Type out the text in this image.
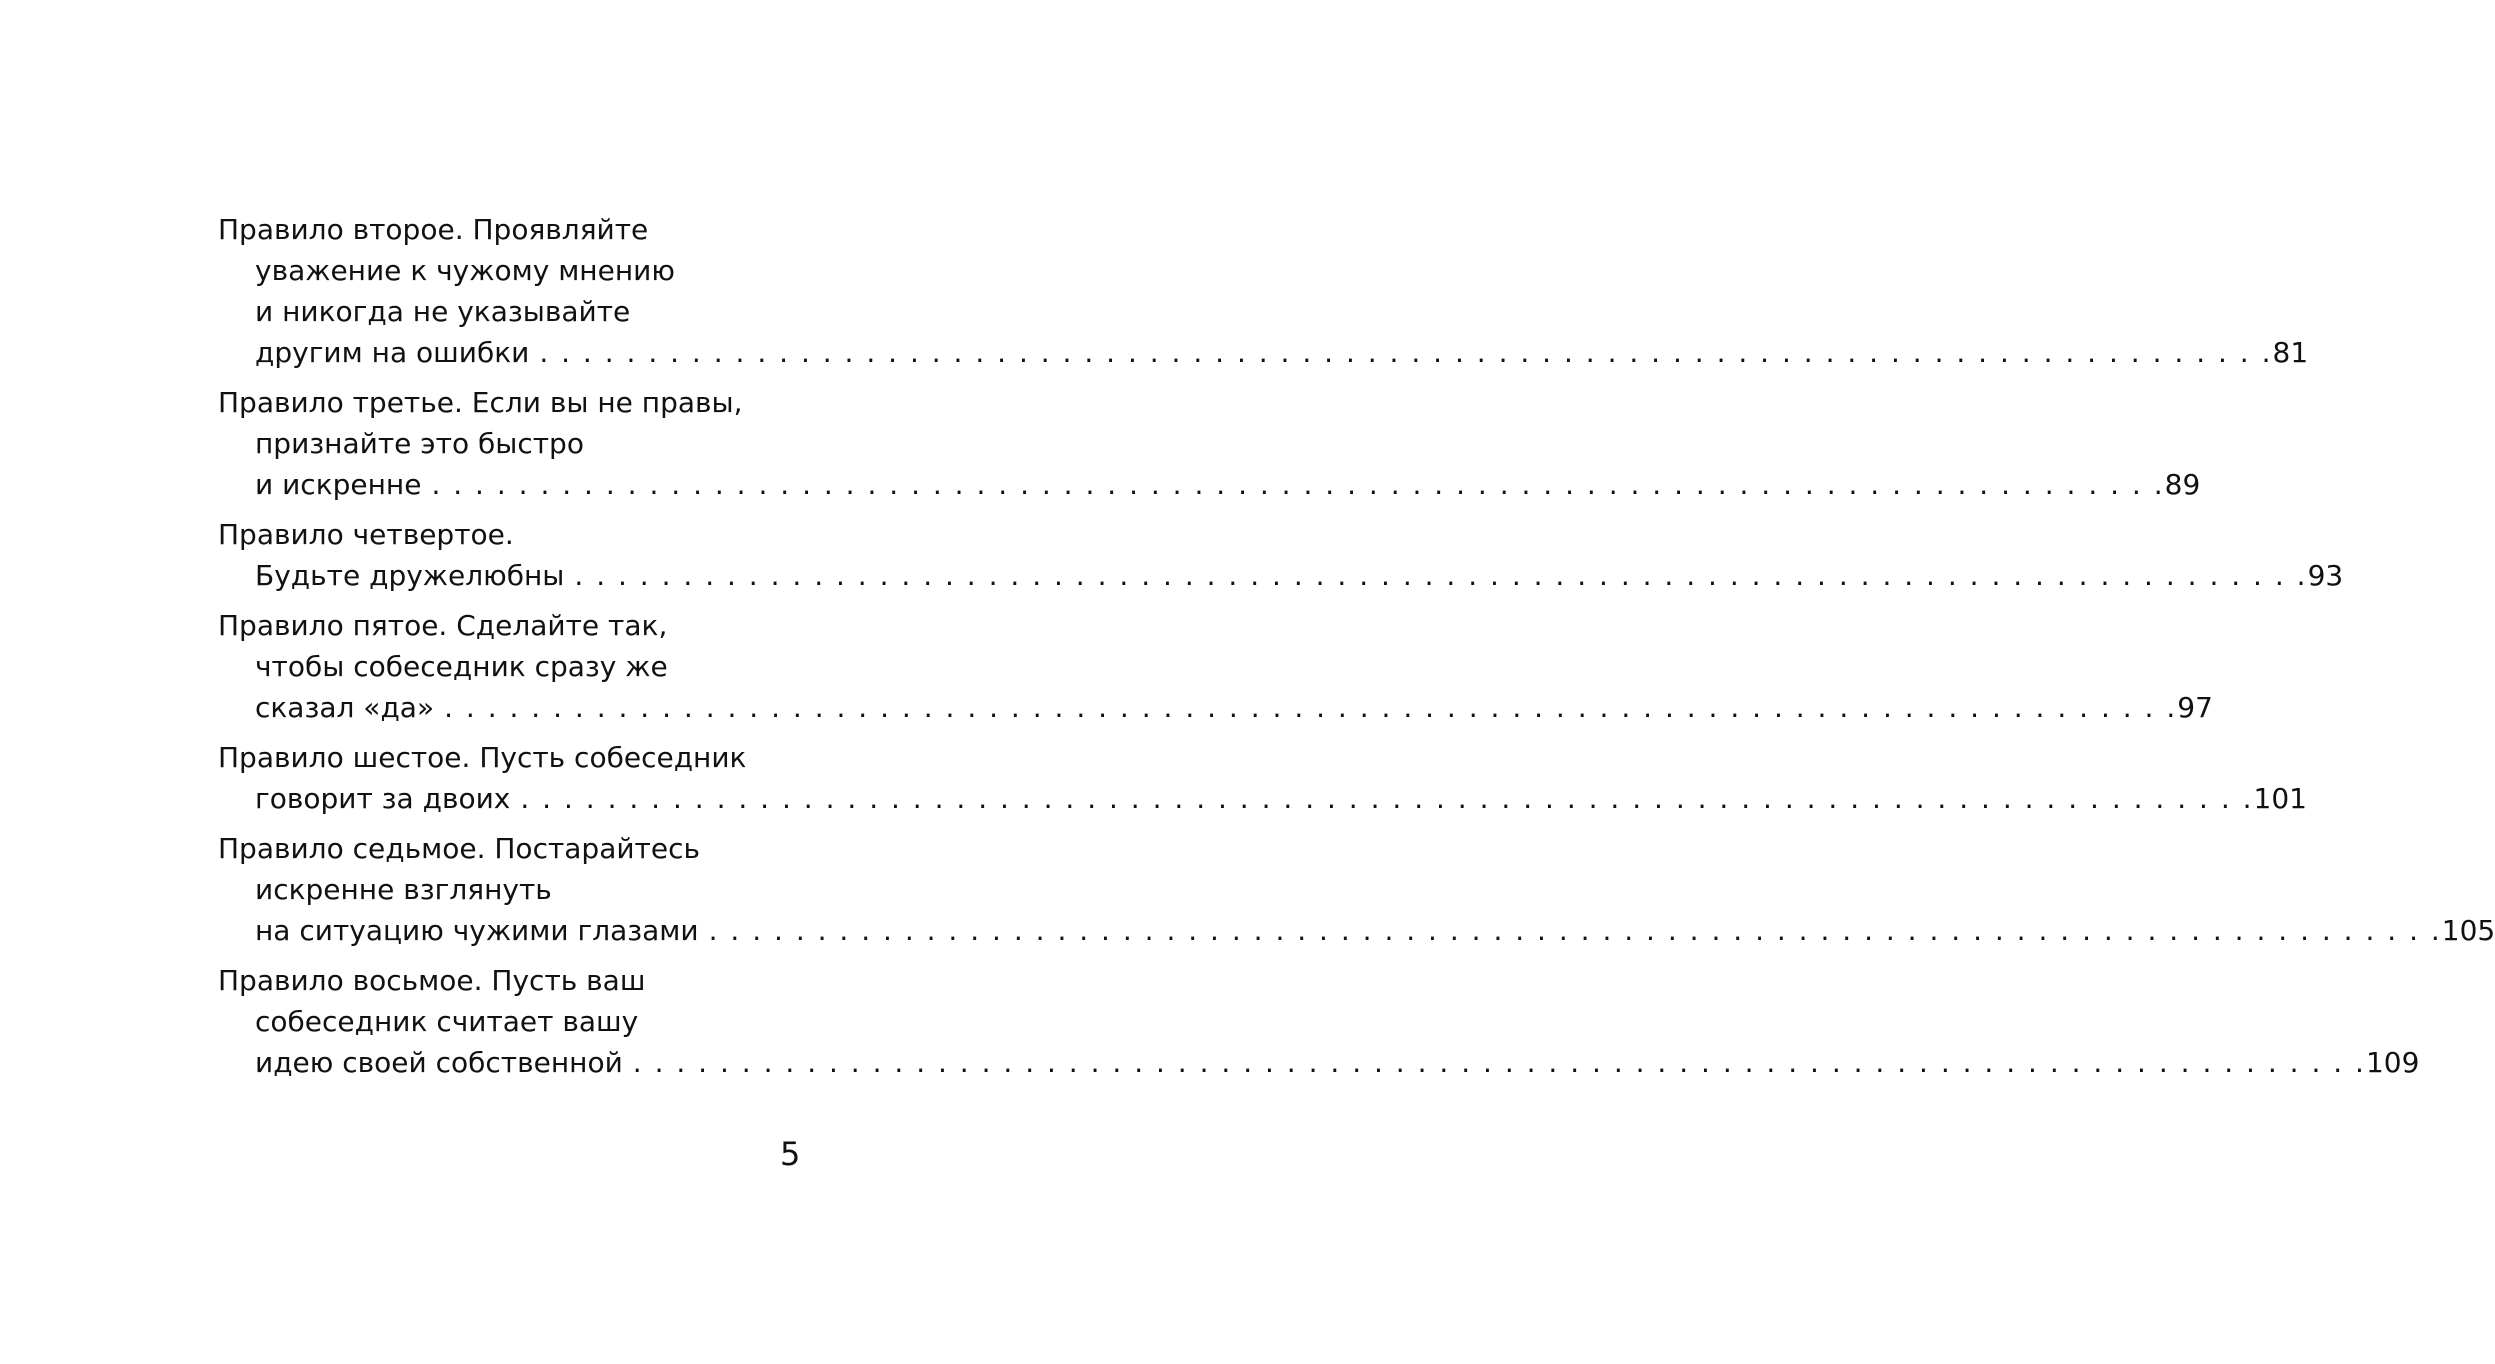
Правило второе. Проявляйте
уважение к чужому мнению
и никогда не указывайте
другим на ошибки . . . . . . . . . . . . . . . . . . . . . . . . . . . . . . . . . . . . . . . . . . . . . . . . . . . . . . . . . . . . . . . . . . . . . . . . . . . . . . . . 81
Правило третье. Если вы не правы,
признайте это быстро
и искренне . . . . . . . . . . . . . . . . . . . . . . . . . . . . . . . . . . . . . . . . . . . . . . . . . . . . . . . . . . . . . . . . . . . . . . . . . . . . . . . . 89
Правило четвертое.
Будьте дружелюбны . . . . . . . . . . . . . . . . . . . . . . . . . . . . . . . . . . . . . . . . . . . . . . . . . . . . . . . . . . . . . . . . . . . . . . . . . . . . . . . . 93
Правило пятое. Сделайте так,
чтобы собеседник сразу же
сказал «да» . . . . . . . . . . . . . . . . . . . . . . . . . . . . . . . . . . . . . . . . . . . . . . . . . . . . . . . . . . . . . . . . . . . . . . . . . . . . . . . . 97
Правило шестое. Пусть собеседник
говорит за двоих . . . . . . . . . . . . . . . . . . . . . . . . . . . . . . . . . . . . . . . . . . . . . . . . . . . . . . . . . . . . . . . . . . . . . . . . . . . . . . . . 101
Правило седьмое. Постарайтесь
искренне взглянуть
на ситуацию чужими глазами . . . . . . . . . . . . . . . . . . . . . . . . . . . . . . . . . . . . . . . . . . . . . . . . . . . . . . . . . . . . . . . . . . . . . . . . . . . . . . . . 105
Правило восьмое. Пусть ваш
собеседник считает вашу
идею своей собственной . . . . . . . . . . . . . . . . . . . . . . . . . . . . . . . . . . . . . . . . . . . . . . . . . . . . . . . . . . . . . . . . . . . . . . . . . . . . . . . . 109
5
